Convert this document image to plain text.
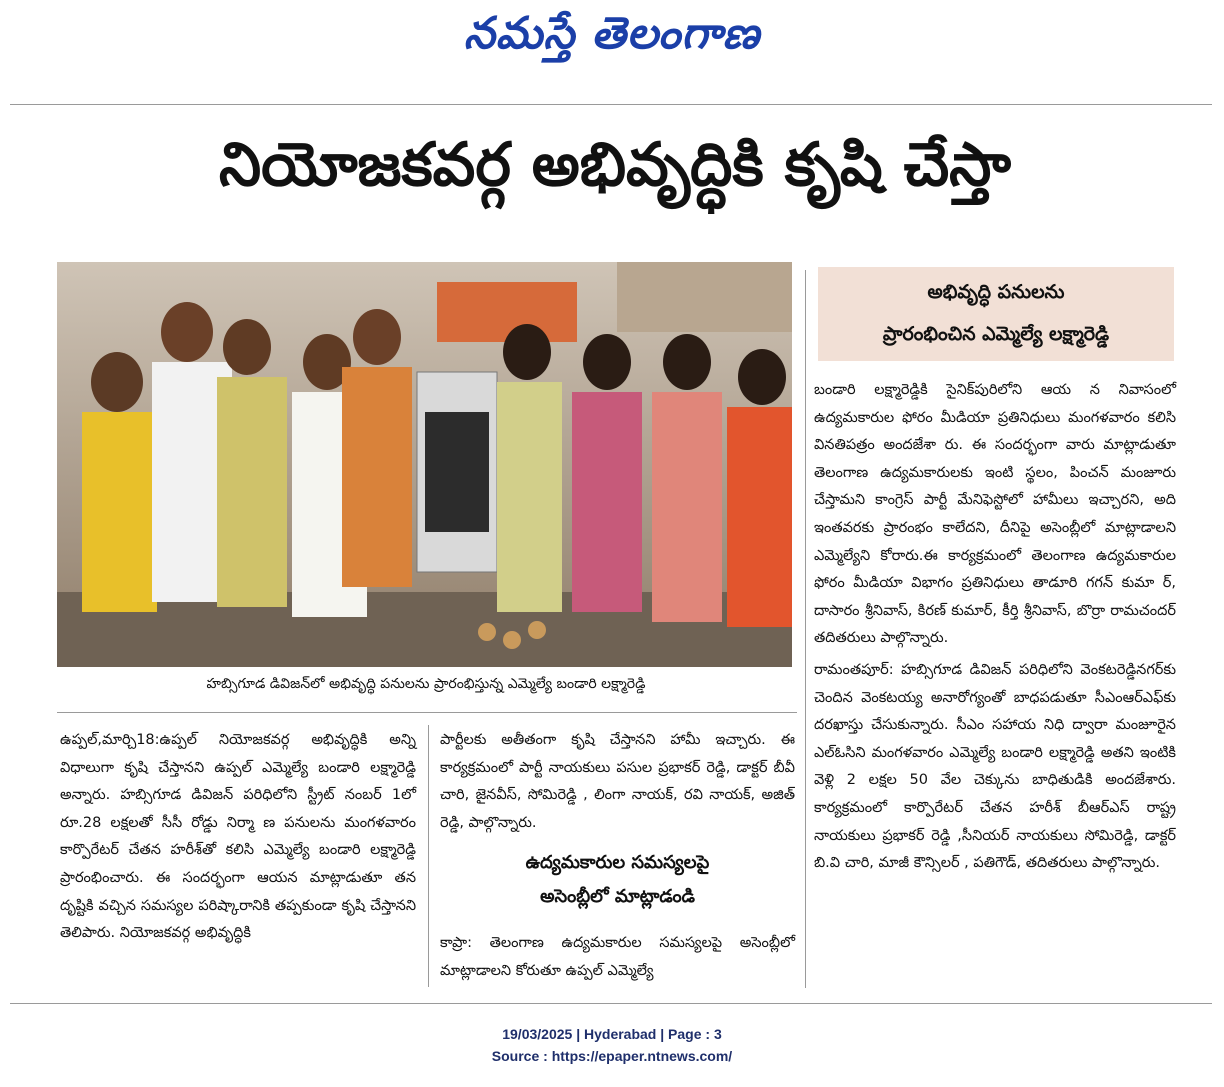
నమస్తే తెలంగాణ
నియోజకవర్గ అభివృద్ధికి కృషి చేస్తా
హబ్సిగూడ డివిజన్‌లో అభివృద్ధి పనులను ప్రారంభిస్తున్న ఎమ్మెల్యే బండారి లక్ష్మారెడ్డి
అభివృద్ధి పనులను
ప్రారంభించిన ఎమ్మెల్యే లక్ష్మారెడ్డి

బండారి లక్ష్మారెడ్డికి సైనిక్‌పురిలోని ఆయ న నివాసంలో ఉద్యమకారుల ఫోరం మీడియా ప్రతినిధులు మంగళవారం కలిసి వినతిపత్రం అందజేశా రు. ఈ సందర్భంగా వారు మాట్లాడుతూ తెలంగాణ ఉద్యమకారులకు ఇంటి స్థలం, పించన్ మంజూరు చేస్తామని కాంగ్రెస్ పార్టీ మేనిఫెస్టోలో హామీలు ఇచ్చారని, అది ఇంతవరకు ప్రారంభం కాలేదని, దీనిపై అసెంబ్లీలో మాట్లాడాలని ఎమ్మెల్యేని కోరారు.ఈ కార్యక్రమంలో తెలంగాణ ఉద్యమకారుల ఫోరం మీడియా విభాగం ప్రతినిధులు తాడూరి గగన్ కుమా ర్, దాసారం శ్రీనివాస్, కిరణ్ కుమార్, కీర్తి శ్రీనివాస్, బొర్రా రామచందర్ తదితరులు పాల్గొన్నారు.

రామంతపూర్: హబ్సిగూడ డివిజన్ పరిధిలోని వెంకటరెడ్డినగర్‌కు చెందిన వెంకటయ్య అనారోగ్యంతో బాధపడుతూ సీఎంఆర్‌ఎఫ్‌కు దరఖాస్తు చేసుకున్నారు. సీఎం సహాయ నిధి ద్వారా మంజూరైన ఎల్‌ఓసిని మంగళవారం ఎమ్మెల్యే బండారి లక్ష్మారెడ్డి అతని ఇంటికి వెళ్లి 2 లక్షల 50 వేల చెక్కును బాధితుడికి అందజేశారు. కార్యక్రమంలో కార్పొరేటర్ చేతన హరీశ్ బీఆర్ఎస్ రాష్ట్ర నాయకులు ప్రభాకర్ రెడ్డి ,సీనియర్ నాయకులు సోమిరెడ్డి, డాక్టర్ బి.వి చారి, మాజీ కౌన్సిలర్ , పతిగౌడ్, తదితరులు పాల్గొన్నారు.

ఉప్పల్,మార్చి18:ఉప్పల్ నియోజకవర్గ అభివృద్ధికి అన్ని విధాలుగా కృషి చేస్తానని ఉప్పల్ ఎమ్మెల్యే బండారి లక్ష్మారెడ్డి అన్నారు. హబ్సిగూడ డివిజన్ పరిధిలోని స్ట్రీట్ నంబర్ 1లో రూ.28 లక్షలతో సీసీ రోడ్డు నిర్మా ణ పనులను మంగళవారం కార్పొరేటర్ చేతన హరీశ్‌తో కలిసి ఎమ్మెల్యే బండారి లక్ష్మారెడ్డి ప్రారంభించారు. ఈ సందర్భంగా ఆయన మాట్లాడుతూ తన దృష్టికి వచ్చిన సమస్యల పరిష్కారానికి తప్పకుండా కృషి చేస్తానని తెలిపారు. నియోజకవర్గ అభివృద్ధికి

పార్టీలకు అతీతంగా కృషి చేస్తానని హామీ ఇచ్చారు. ఈ కార్యక్రమంలో పార్టీ నాయకులు పసుల ప్రభాకర్ రెడ్డి, డాక్టర్ బీవీ చారి, జైనవీస్, సోమిరెడ్డి , లింగా నాయక్, రవి నాయక్, అజిత్ రెడ్డి, పాల్గొన్నారు.

ఉద్యమకారుల సమస్యలపై
అసెంబ్లీలో మాట్లాడండి

కాప్రా: తెలంగాణ ఉద్యమకారుల సమస్యలపై అసెంబ్లీలో మాట్లాడాలని కోరుతూ ఉప్పల్ ఎమ్మెల్యే

19/03/2025 | Hyderabad | Page : 3
Source : https://epaper.ntnews.com/
